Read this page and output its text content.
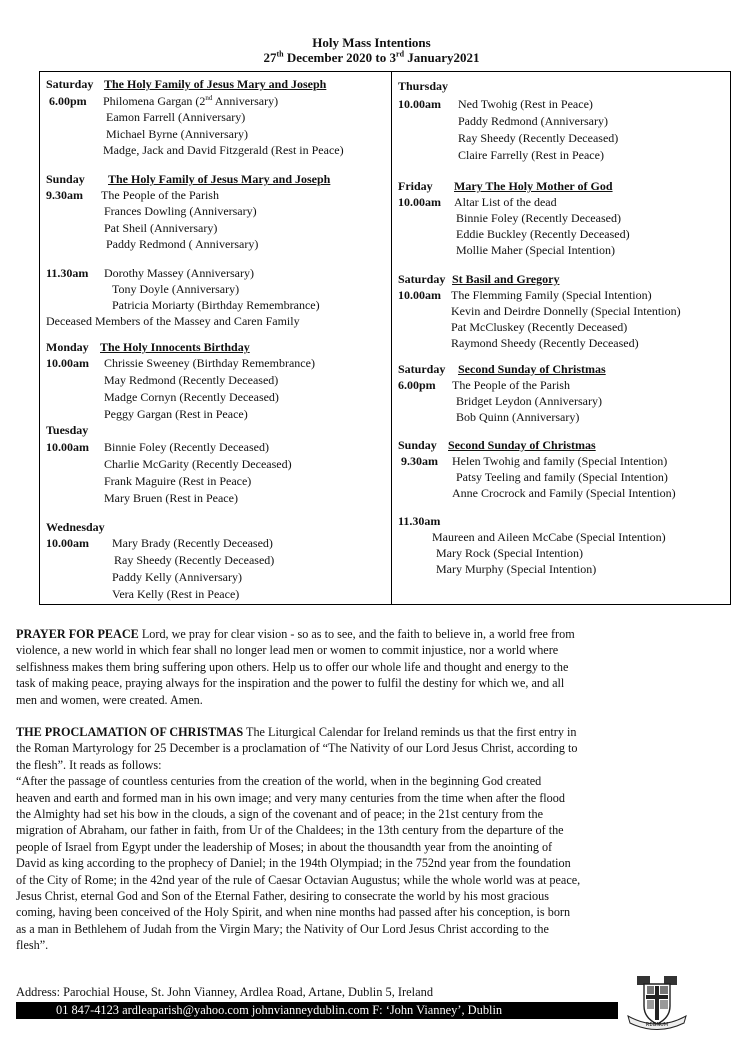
Holy Mass Intentions
27th December 2020 to 3rd January2021
Saturday The Holy Family of Jesus Mary and Joseph
6.00pm Philomena Gargan (2nd Anniversary)
Eamon Farrell (Anniversary)
Michael Byrne (Anniversary)
Madge, Jack and David Fitzgerald (Rest in Peace)
Sunday The Holy Family of Jesus Mary and Joseph
9.30am The People of the Parish
Frances Dowling (Anniversary)
Pat Sheil (Anniversary)
Paddy Redmond ( Anniversary)
11.30am Dorothy Massey (Anniversary)
Tony Doyle (Anniversary)
Patricia Moriarty (Birthday Remembrance)
Deceased Members of the Massey and Caren Family
Monday The Holy Innocents Birthday
10.00am Chrissie Sweeney (Birthday Remembrance)
May Redmond (Recently Deceased)
Madge Cornyn (Recently Deceased)
Peggy Gargan (Rest in Peace)
Tuesday
10.00am Binnie Foley (Recently Deceased)
Charlie McGarity (Recently Deceased)
Frank Maguire (Rest in Peace)
Mary Bruen (Rest in Peace)
Wednesday
10.00am Mary Brady (Recently Deceased)
Ray Sheedy (Recently Deceased)
Paddy Kelly (Anniversary)
Vera Kelly (Rest in Peace)
Thursday
10.00am Ned Twohig (Rest in Peace)
Paddy Redmond (Anniversary)
Ray Sheedy (Recently Deceased)
Claire Farrelly (Rest in Peace)
Friday Mary The Holy Mother of God
10.00am Altar List of the dead
Binnie Foley (Recently Deceased)
Eddie Buckley (Recently Deceased)
Mollie Maher (Special Intention)
Saturday St Basil and Gregory
10.00am The Flemming Family (Special Intention)
Kevin and Deirdre Donnelly (Special Intention)
Pat McCluskey (Recently Deceased)
Raymond Sheedy (Recently Deceased)
Saturday Second Sunday of Christmas
6.00pm The People of the Parish
Bridget Leydon (Anniversary)
Bob Quinn (Anniversary)
Sunday Second Sunday of Christmas
9.30am Helen Twohig and family (Special Intention)
Patsy Teeling and family (Special Intention)
Anne Crocrock and Family (Special Intention)
11.30am
Maureen and Aileen McCabe (Special Intention)
Mary Rock (Special Intention)
Mary Murphy (Special Intention)
PRAYER FOR PEACE Lord, we pray for clear vision - so as to see, and the faith to believe in, a world free from
violence, a new world in which fear shall no longer lead men or women to commit injustice, nor a world where
selfishness makes them bring suffering upon others. Help us to offer our whole life and thought and energy to the
task of making peace, praying always for the inspiration and the power to fulfil the destiny for which we, and all
men and women, were created. Amen.
THE PROCLAMATION OF CHRISTMAS The Liturgical Calendar for Ireland reminds us that the first entry in
the Roman Martyrology for 25 December is a proclamation of “The Nativity of our Lord Jesus Christ, according to
the flesh”. It reads as follows:
“After the passage of countless centuries from the creation of the world, when in the beginning God created
heaven and earth and formed man in his own image; and very many centuries from the time when after the flood
the Almighty had set his bow in the clouds, a sign of the covenant and of peace; in the 21st century from the
migration of Abraham, our father in faith, from Ur of the Chaldees; in the 13th century from the departure of the
people of Israel from Egypt under the leadership of Moses; in about the thousandth year from the anointing of
David as king according to the prophecy of Daniel; in the 194th Olympiad; in the 752nd year from the foundation
of the City of Rome; in the 42nd year of the rule of Caesar Octavian Augustus; while the whole world was at peace,
Jesus Christ, eternal God and Son of the Eternal Father, desiring to consecrate the world by his most gracious
coming, having been conceived of the Holy Spirit, and when nine months had passed after his conception, is born
as a man in Bethlehem of Judah from the Virgin Mary; the Nativity of Our Lord Jesus Christ according to the
flesh”.
Address: Parochial House, St. John Vianney, Ardlea Road, Artane, Dublin 5, Ireland
01 847-4123 ardleaparish@yahoo.com johnvianneydublin.com F: ‘John Vianney’, Dublin
REGNUM
